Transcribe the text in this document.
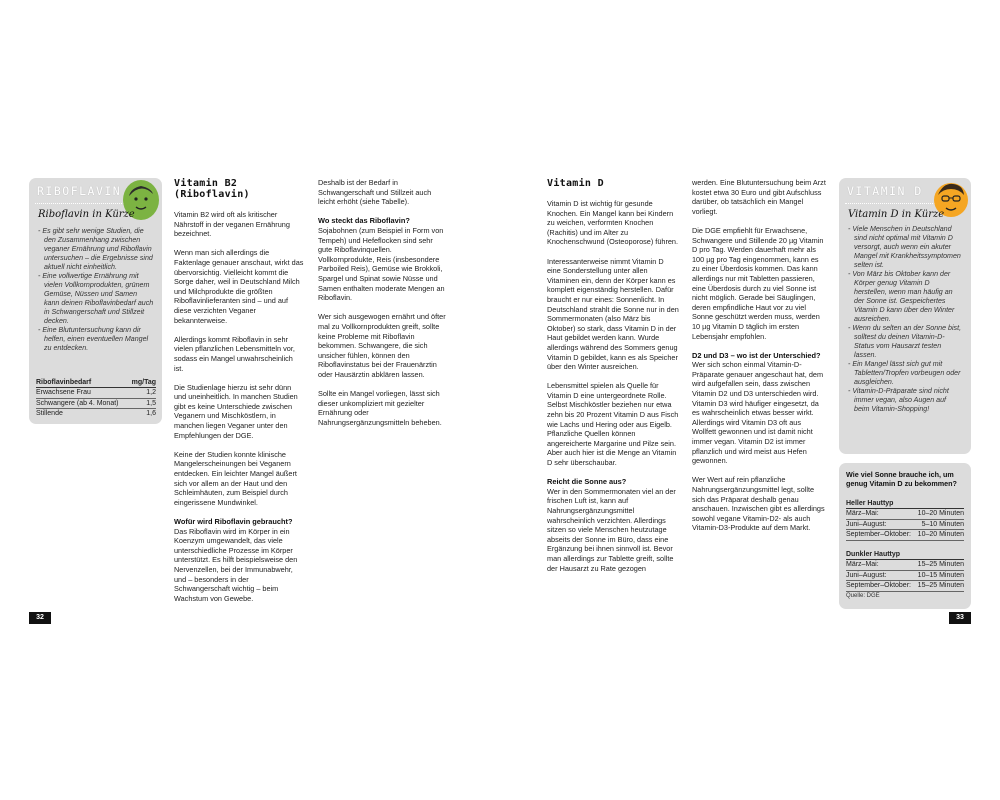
RIBOFLAVIN
Riboflavin in Kürze
- Es gibt sehr wenige Studien, die den Zusammenhang zwischen veganer Ernährung und Riboflavin untersuchen – die Ergebnisse sind aktuell nicht einheitlich.
- Eine vollwertige Ernährung mit vielen Vollkornprodukten, grünem Gemüse, Nüssen und Samen kann deinen Riboflavinbedarf auch in Schwangerschaft und Stillzeit decken.
- Eine Blutuntersuchung kann dir helfen, einen eventuellen Mangel zu entdecken.
Riboflavinbedarf	mg/Tag
Erwachsene Frau	1,2
Schwangere (ab 4. Monat)	1,5
Stillende	1,6
Vitamin B2
(Riboflavin)

Vitamin B2 wird oft als kritischer Nährstoff in der veganen Ernährung bezeichnet.

Wenn man sich allerdings die Faktenlage genauer anschaut, wirkt das übervorsichtig. Vielleicht kommt die Sorge daher, weil in Deutschland Milch und Milchprodukte die größten Riboflavinlieferanten sind – und auf diese verzichten Veganer bekannterweise.

Allerdings kommt Riboflavin in sehr vielen pflanzlichen Lebensmitteln vor, sodass ein Mangel unwahrscheinlich ist.

Die Studienlage hierzu ist sehr dünn und uneinheitlich. In manchen Studien gibt es keine Unterschiede zwischen Veganern und Mischköstlern, in manchen liegen Veganer unter den Empfehlungen der DGE.

Keine der Studien konnte klinische Mangelerscheinungen bei Veganern entdecken. Ein leichter Mangel äußert sich vor allem an der Haut und den Schleimhäuten, zum Beispiel durch eingerissene Mundwinkel.

Wofür wird Riboflavin gebraucht?

Das Riboflavin wird im Körper in ein Koenzym umgewandelt, das viele unterschiedliche Prozesse im Körper unterstützt. Es hilft beispielsweise den Nervenzellen, bei der Immunabwehr, und – besonders in der Schwangerschaft wichtig – beim Wachstum von Gewebe.

Deshalb ist der Bedarf in Schwangerschaft und Stillzeit auch leicht erhöht (siehe Tabelle).

Wo steckt das Riboflavin?

Sojabohnen (zum Beispiel in Form von Tempeh) und Hefeflocken sind sehr gute Riboflavinquellen. Vollkornprodukte, Reis (insbesondere Parboiled Reis), Gemüse wie Brokkoli, Spargel und Spinat sowie Nüsse und Samen enthalten moderate Mengen an Riboflavin.

Wer sich ausgewogen ernährt und öfter mal zu Vollkornprodukten greift, sollte keine Probleme mit Riboflavin bekommen. Schwangere, die sich unsicher fühlen, können den Riboflavinstatus bei der Frauenärztin oder Hausärztin abklären lassen.

Sollte ein Mangel vorliegen, lässt sich dieser unkompliziert mit gezielter Ernährung oder Nahrungsergänzungsmitteln beheben.

32
Vitamin D

Vitamin D ist wichtig für gesunde Knochen. Ein Mangel kann bei Kindern zu weichen, verformten Knochen (Rachitis) und im Alter zu Knochenschwund (Osteoporose) führen.

Interessanterweise nimmt Vitamin D eine Sonderstellung unter allen Vitaminen ein, denn der Körper kann es komplett eigenständig herstellen. Dafür braucht er nur eines: Sonnenlicht. In Deutschland strahlt die Sonne nur in den Sommermonaten (also März bis Oktober) so stark, dass Vitamin D in der Haut gebildet werden kann. Wurde allerdings während des Sommers genug Vitamin D gebildet, kann es als Speicher über den Winter ausreichen.

Lebensmittel spielen als Quelle für Vitamin D eine untergeordnete Rolle. Selbst Mischköstler beziehen nur etwa zehn bis 20 Prozent Vitamin D aus Fisch wie Lachs und Hering oder aus Eigelb. Pflanzliche Quellen können angereicherte Margarine und Pilze sein. Aber auch hier ist die Menge an Vitamin D sehr überschaubar.

Reicht die Sonne aus?

Wer in den Sommermonaten viel an der frischen Luft ist, kann auf Nahrungsergänzungsmittel wahrscheinlich verzichten. Allerdings sitzen so viele Menschen heutzutage abseits der Sonne im Büro, dass eine Ergänzung bei ihnen sinnvoll ist. Bevor man allerdings zur Tablette greift, sollte der Hausarzt zu Rate gezogen

werden. Eine Blutuntersuchung beim Arzt kostet etwa 30 Euro und gibt Aufschluss darüber, ob tatsächlich ein Mangel vorliegt.

Die DGE empfiehlt für Erwachsene, Schwangere und Stillende 20 µg Vitamin D pro Tag. Werden dauerhaft mehr als 100 µg pro Tag eingenommen, kann es zu einer Überdosis kommen. Das kann allerdings nur mit Tabletten passieren, eine Überdosis durch zu viel Sonne ist nicht möglich. Gerade bei Säuglingen, deren empfindliche Haut vor zu viel Sonne geschützt werden muss, werden 10 µg Vitamin D täglich im ersten Lebensjahr empfohlen.

D2 und D3 – wo ist der Unterschied?

Wer sich schon einmal Vitamin-D-Präparate genauer angeschaut hat, dem wird aufgefallen sein, dass zwischen Vitamin D2 und D3 unterschieden wird. Vitamin D3 wird häufiger eingesetzt, da es wahrscheinlich etwas besser wirkt. Allerdings wird Vitamin D3 oft aus Wollfett gewonnen und ist damit nicht immer vegan. Vitamin D2 ist immer pflanzlich und wird meist aus Hefen gewonnen.

Wer Wert auf rein pflanzliche Nahrungsergänzungsmittel legt, sollte sich das Präparat deshalb genau anschauen. Inzwischen gibt es allerdings sowohl vegane Vitamin-D2- als auch Vitamin-D3-Produkte auf dem Markt.

VITAMIN D
Vitamin D in Kürze
- Viele Menschen in Deutschland sind nicht optimal mit Vitamin D versorgt, auch wenn ein akuter Mangel mit Krankheitssymptomen selten ist.
- Von März bis Oktober kann der Körper genug Vitamin D herstellen, wenn man häufig an der Sonne ist. Gespeichertes Vitamin D kann über den Winter ausreichen.
- Wenn du selten an der Sonne bist, solltest du deinen Vitamin-D-Status vom Hausarzt testen lassen.
- Ein Mangel lässt sich gut mit Tabletten/Tropfen vorbeugen oder ausgleichen.
- Vitamin-D-Präparate sind nicht immer vegan, also Augen auf beim Vitamin-Shopping!
Wie viel Sonne brauche ich, um genug Vitamin D zu bekommen?
Heller Hauttyp	
März–Mai:	10–20 Minuten
Juni–August:	5–10 Minuten
September–Oktober:	10–20 Minuten
Dunkler Hauttyp	
März–Mai:	15–25 Minuten
Juni–August:	10–15 Minuten
September–Oktober:	15–25 Minuten
Quelle: DGE
33
